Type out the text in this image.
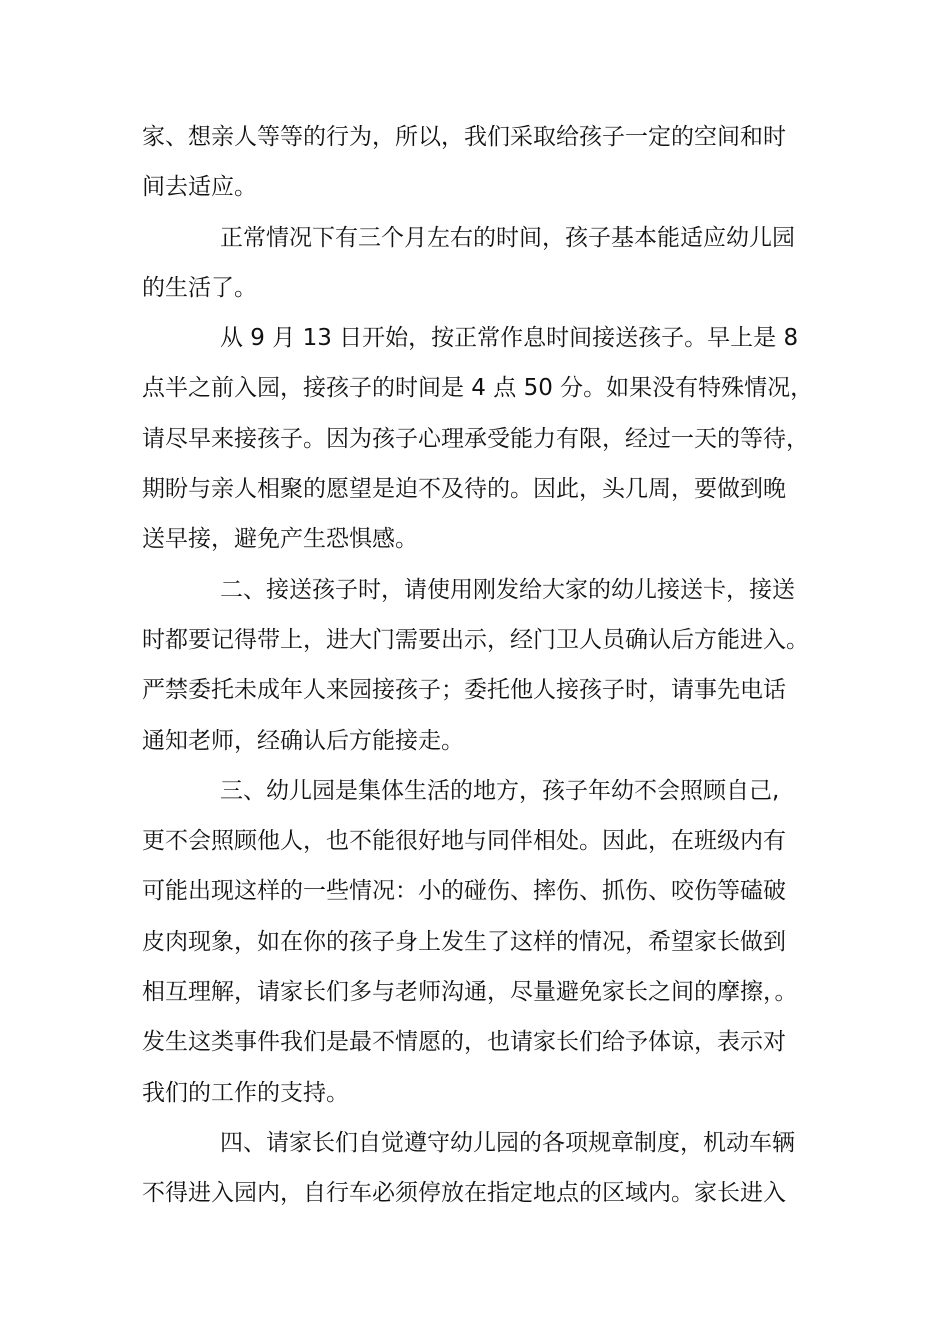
家、想亲人等等的行为，所以，我们采取给孩子一定的空间和时
间去适应。
正常情况下有三个月左右的时间，孩子基本能适应幼儿园
的生活了。
从 9 月 13 日开始，按正常作息时间接送孩子。早上是 8
点半之前入园，接孩子的时间是 4 点 50 分。如果没有特殊情况，
请尽早来接孩子。因为孩子心理承受能力有限，经过一天的等待，
期盼与亲人相聚的愿望是迫不及待的。因此，头几周，要做到晚
送早接，避免产生恐惧感。
二、接送孩子时，请使用刚发给大家的幼儿接送卡，接送
时都要记得带上，进大门需要出示，经门卫人员确认后方能进入。
严禁委托未成年人来园接孩子；委托他人接孩子时，请事先电话
通知老师，经确认后方能接走。
三、幼儿园是集体生活的地方，孩子年幼不会照顾自己,
更不会照顾他人，也不能很好地与同伴相处。因此，在班级内有
可能出现这样的一些情况：小的碰伤、摔伤、抓伤、咬伤等磕破
皮肉现象，如在你的孩子身上发生了这样的情况，希望家长做到
相互理解，请家长们多与老师沟通，尽量避免家长之间的摩擦，。
发生这类事件我们是最不情愿的，也请家长们给予体谅，表示对
我们的工作的支持。
四、请家长们自觉遵守幼儿园的各项规章制度，机动车辆
不得进入园内，自行车必须停放在指定地点的区域内。家长进入
